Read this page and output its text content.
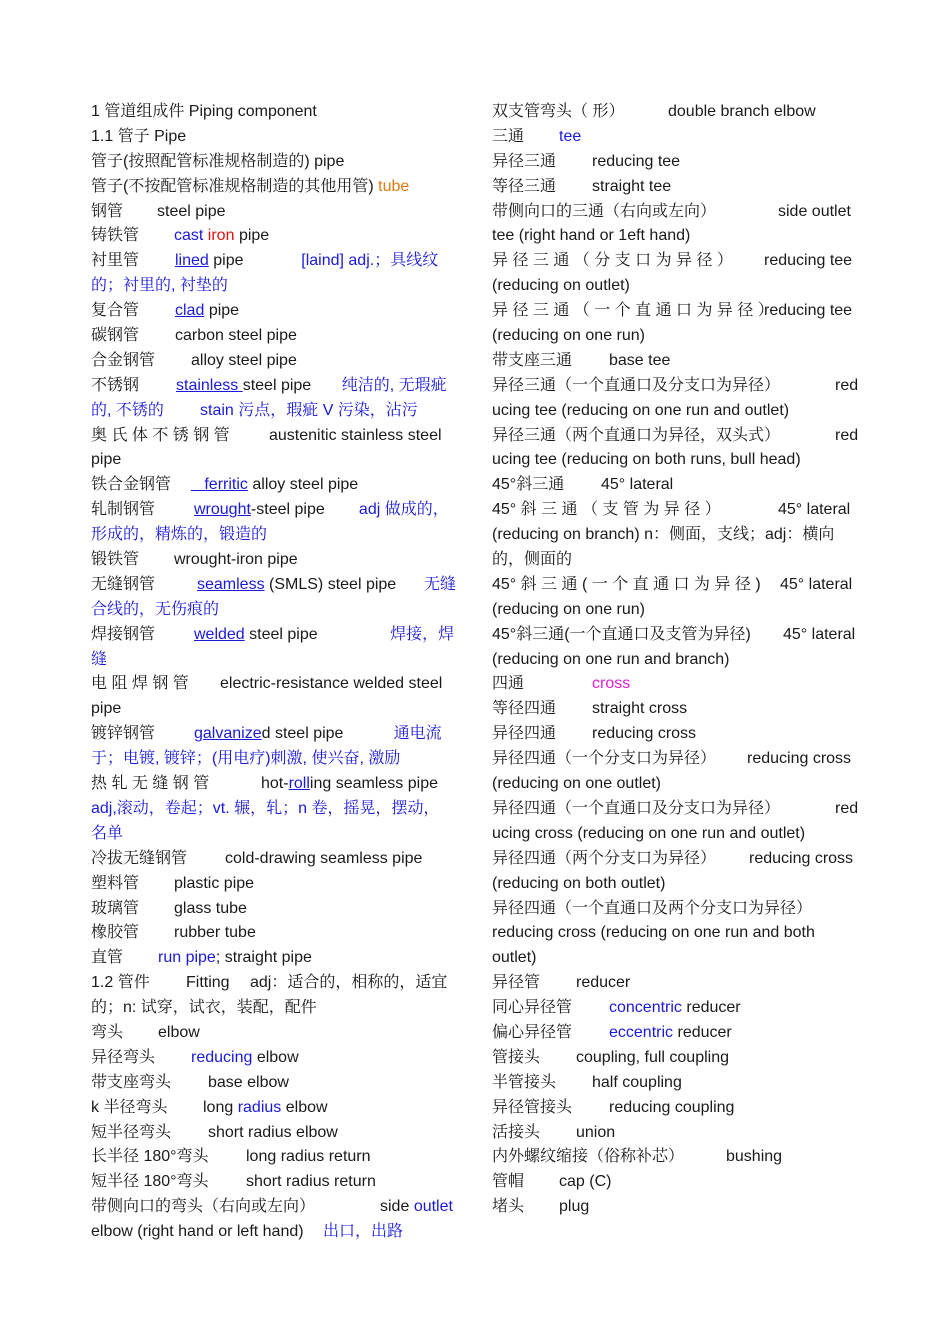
1 管道组成件 Piping component
1.1 管子 Pipe
管子(按照配管标准规格制造的) pipe
管子(不按配管标准规格制造的其他用管) tube
钢管 steel pipe
铸铁管 cast iron pipe
衬里管 lined pipe	[laind] adj.；具线纹
的；衬里的, 衬垫的
复合管 clad pipe
碳钢管 carbon steel pipe
合金钢管 alloy steel pipe
不锈钢 stainless steel pipe 纯洁的, 无瑕疵
的, 不锈的 stain 污点，瑕疵 V 污染，沾污
奥 氏 体 不 锈 钢 管 austenitic stainless steel
pipe
铁合金钢管 ferritic alloy steel pipe
轧制钢管 wrought-steel pipe adj 做成的，
形成的，精炼的，锻造的
锻铁管 wrought-iron pipe
无缝钢管	seamless (SMLS) steel pipe 无缝
合线的，无伤痕的
焊接钢管 welded steel pipe	焊接，焊
缝
电 阻 焊 钢 管 electric-resistance welded steel
pipe
镀锌钢管 galvanized steel pipe	通电流
于；电镀, 镀锌；(用电疗)刺激, 使兴奋, 激励
热 轧 无 缝 钢 管	hot-rolling seamless pipe
adj,滚动，卷起；vt. 辗，轧；n 卷，摇晃，摆动，
名单
冷拔无缝钢管 cold-drawing seamless pipe
塑料管 plastic pipe
玻璃管 glass tube
橡胶管 rubber tube
直管 run pipe; straight pipe
1.2 管件 Fitting adj：适合的，相称的，适宜
的；n: 试穿，试衣，装配，配件
弯头 elbow
异径弯头 reducing elbow
带支座弯头 base elbow
k 半径弯头 long radius elbow
短半径弯头 short radius elbow
长半径 180°弯头 long radius return
短半径 180°弯头 short radius return
带侧向口的弯头（右向或左向）	side outlet
elbow (right hand or left hand) 出口，出路
双支管弯头（ 形）	double branch elbow
三通 tee
异径三通 reducing tee
等径三通 straight tee
带侧向口的三通（右向或左向）	side outlet
tee (right hand or 1eft hand)
异 径 三 通 （ 分 支 口 为 异 径 ） reducing tee
(reducing on outlet)
异 径 三 通 （ 一 个 直 通 口 为 异 径 ）reducing tee
(reducing on one run)
带支座三通 base tee
异径三通（一个直通口及分支口为异径）	red
ucing tee (reducing on one run and outlet)
异径三通（两个直通口为异径，双头式）	red
ucing tee (reducing on both runs, bull head)
45°斜三通 45° lateral
45° 斜 三 通 （ 支 管 为 异 径 ）	45° lateral
(reducing on branch) n：侧面，支线；adj：横向
的，侧面的
45° 斜 三 通 ( 一 个 直 通 口 为 异 径 ) 45° lateral
(reducing on one run)
45°斜三通(一个直通口及支管为异径) 45° lateral
(reducing on one run and branch)
四通	cross
等径四通 straight cross
异径四通 reducing cross
异径四通（一个分支口为异径） reducing cross
(reducing on one outlet)
异径四通（一个直通口及分支口为异径）	red
ucing cross (reducing on one run and outlet)
异径四通（两个分支口为异径） reducing cross
(reducing on both outlet)
异径四通（一个直通口及两个分支口为异径）
reducing cross (reducing on one run and both
outlet)
异径管 reducer
同心异径管 concentric reducer
偏心异径管 eccentric reducer
管接头 coupling, full coupling
半管接头 half coupling
异径管接头 reducing coupling
活接头 union
内外螺纹缩接（俗称补芯）	bushing
管帽 cap (C)
堵头 plug
